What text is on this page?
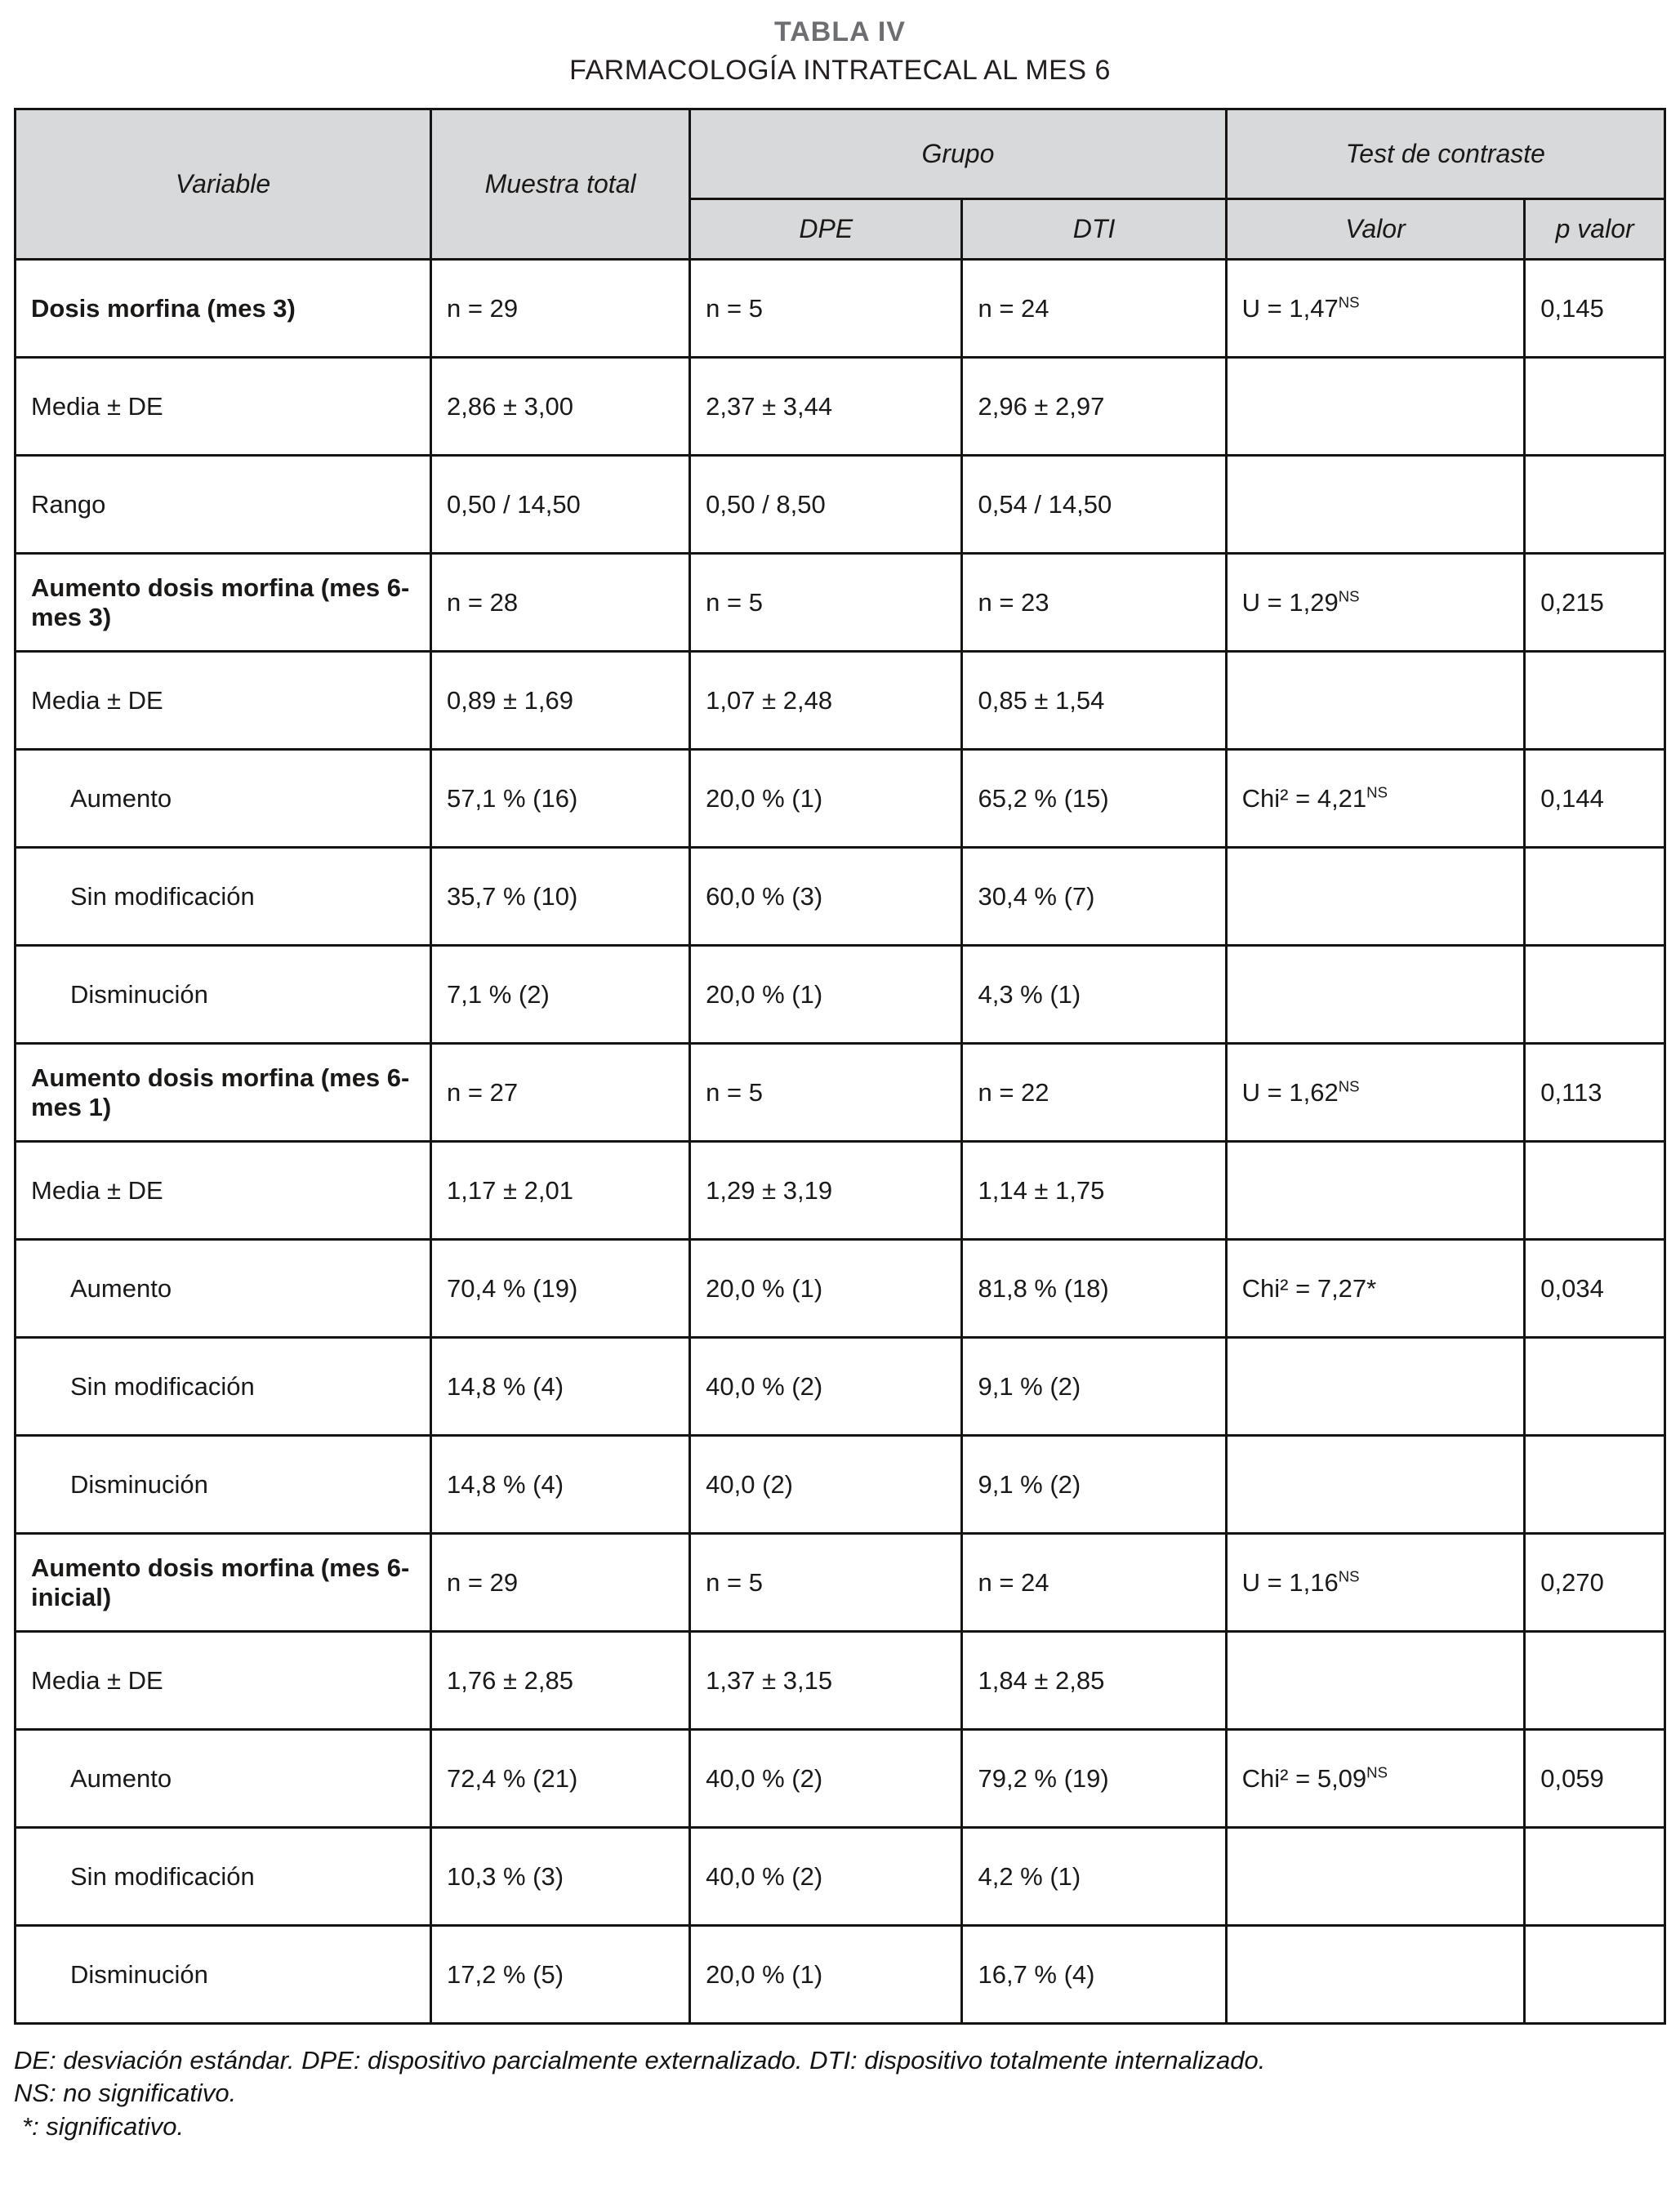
TABLA IV
FARMACOLOGÍA INTRATECAL AL MES 6
Variable	Muestra total	Grupo		Test de contraste	
		DPE	DTI	Valor	p valor
Dosis morfina (mes 3)	n = 29	n = 5	n = 24	$U = 1,47^{NS}$	0,145
Media ± DE	2,86 ± 3,00	2,37 ± 3,44	2,96 ± 2,97		
Rango	0,50 / 14,50	0,50 / 8,50	0,54 / 14,50		
Aumento dosis morfina (mes 6- mes 3)	n = 28	n = 5	n = 23	$U = 1,29^{NS}$	0,215
Media ± DE	0,89 ± 1,69	1,07 ± 2,48	0,85 ± 1,54		
Aumento	57,1 % (16)	20,0 % (1)	65,2 % (15)	$Chi^2 = 4,21^{NS}$	0,144
Sin modificación	35,7 % (10)	60,0 % (3)	30,4 % (7)		
Disminución	7,1 % (2)	20,0 % (1)	4,3 % (1)		
Aumento dosis morfina (mes 6- mes 1)	n = 27	n = 5	n = 22	$U = 1,62^{NS}$	0,113
Media ± DE	1,17 ± 2,01	1,29 ± 3,19	1,14 ± 1,75		
Aumento	70,4 % (19)	20,0 % (1)	81,8 % (18)	Chi² = 7,27*	0,034
Sin modificación	14,8 % (4)	40,0 % (2)	9,1 % (2)		
Disminución	14,8 % (4)	40,0 (2)	9,1 % (2)		
Aumento dosis morfina (mes 6- inicial)	n = 29	n = 5	n = 24	$U = 1,16^{NS}$	0,270
Media ± DE	1,76 ± 2,85	1,37 ± 3,15	1,84 ± 2,85		
Aumento	72,4 % (21)	40,0 % (2)	79,2 % (19)	$Chi^2 = 5,09^{NS}$	0,059
Sin modificación	10,3 % (3)	40,0 % (2)	4,2 % (1)		
Disminución	17,2 % (5)	20,0 % (1)	16,7 % (4)		
DE: desviación estándar. DPE: dispositivo parcialmente externalizado. DTI: dispositivo totalmente internalizado.
NS: no significativo.
*: significativo.
